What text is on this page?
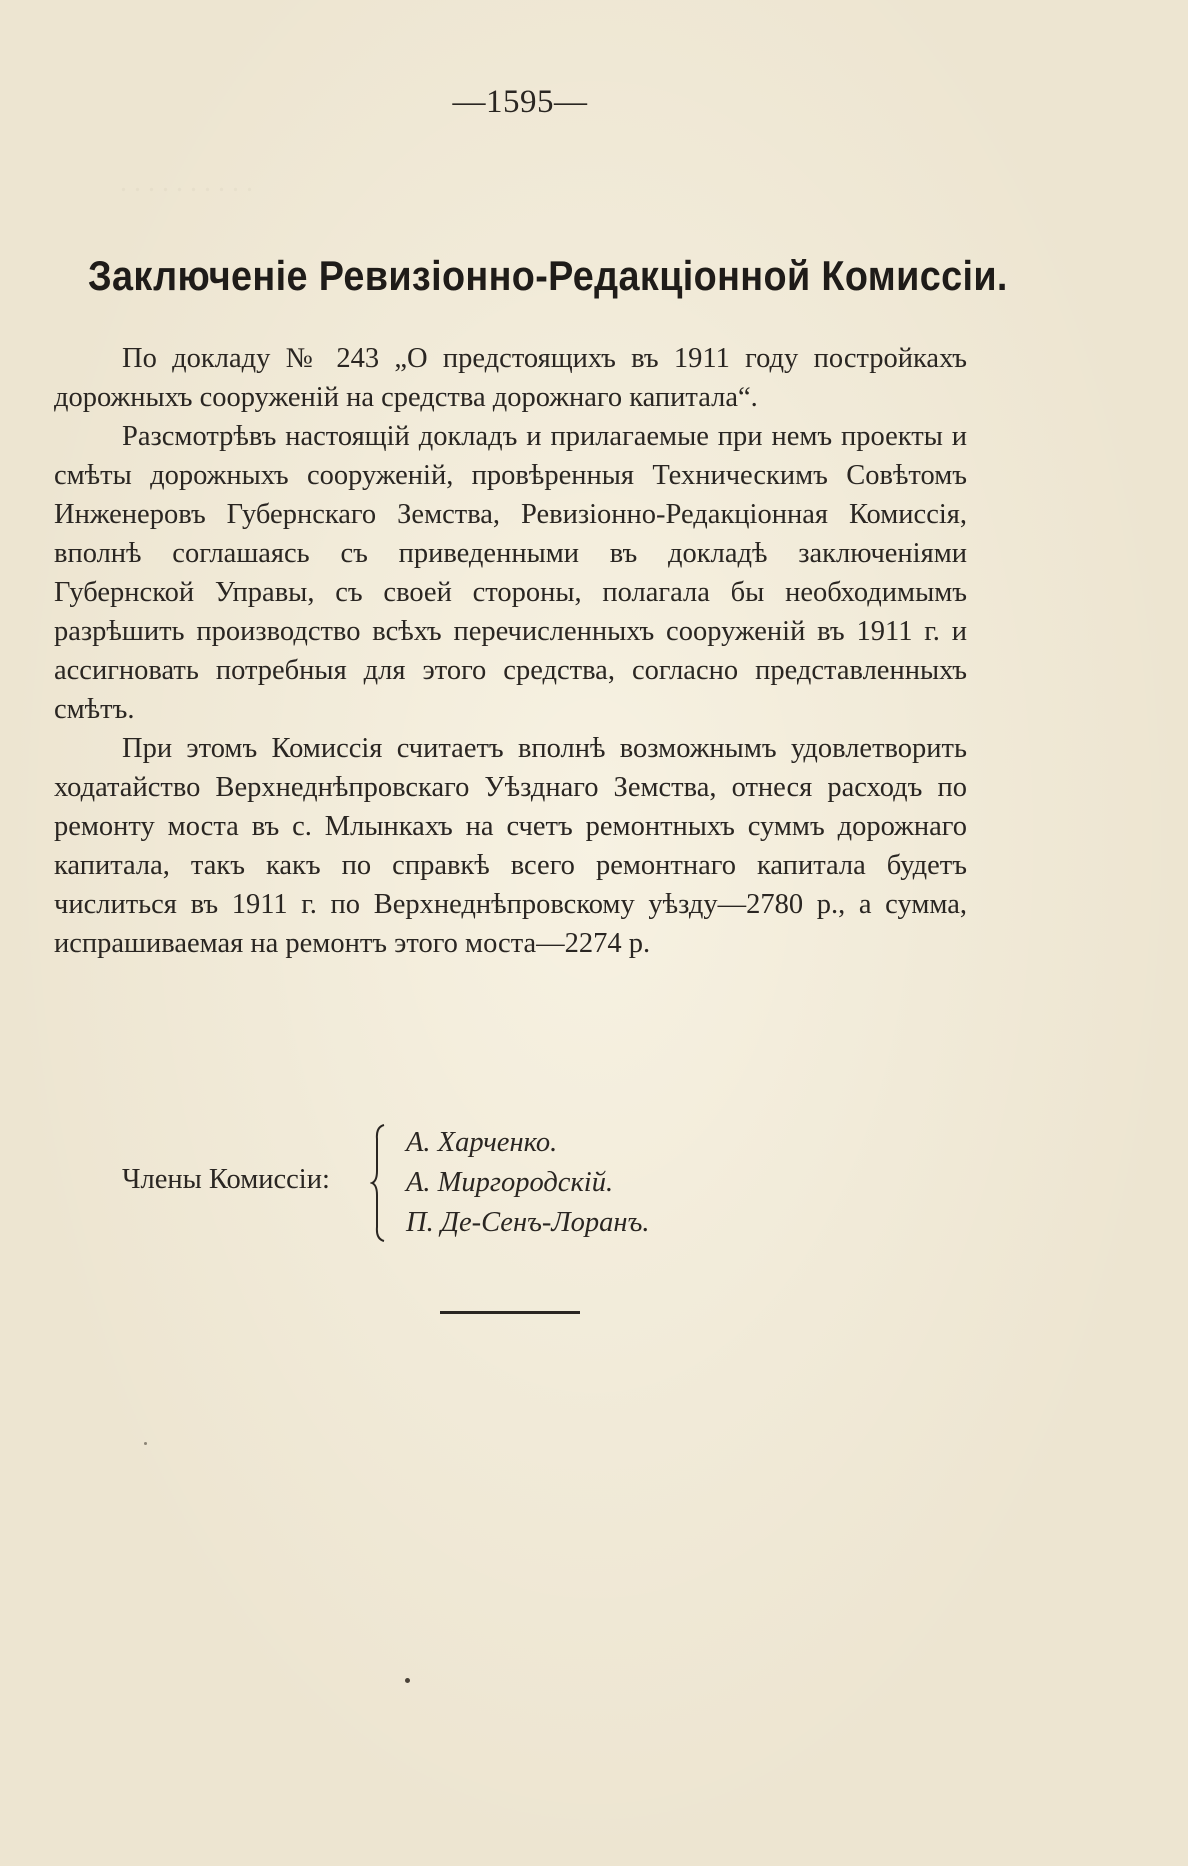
. . . . . . . . . .
—1595—
Заключеніе Ревизіонно-Редакціонной Комиссіи.

По докладу № 243 „О предстоящихъ въ 1911 году постройкахъ дорожныхъ сооруженій на средства дорожнаго капитала“.

Разсмотрѣвъ настоящій докладъ и прилагаемые при немъ проекты и смѣты дорожныхъ сооруженій, провѣренныя Техническимъ Совѣтомъ Инженеровъ Губернскаго Земства, Ревизіонно-Редакціонная Комиссія, вполнѣ соглашаясь съ приведенными въ докладѣ заключеніями Губернской Управы, съ своей стороны, полагала бы необходимымъ разрѣшить производство всѣхъ перечисленныхъ сооруженій въ 1911 г. и ассигновать потребныя для этого средства, согласно представленныхъ смѣтъ.

При этомъ Комиссія считаетъ вполнѣ возможнымъ удовлетворить ходатайство Верхнеднѣпровскаго Уѣзднаго Земства, отнеся расходъ по ремонту моста въ с. Млынкахъ на счетъ ремонтныхъ суммъ дорожнаго капитала, такъ какъ по справкѣ всего ремонтнаго капитала будетъ числиться въ 1911 г. по Верхнеднѣпровскому уѣзду—2780 р., а сумма, испрашиваемая на ремонтъ этого моста—2274 р.

Члены Комиссіи:
А. Харченко.
А. Миргородскій.
П. Де-Сенъ-Лоранъ.
